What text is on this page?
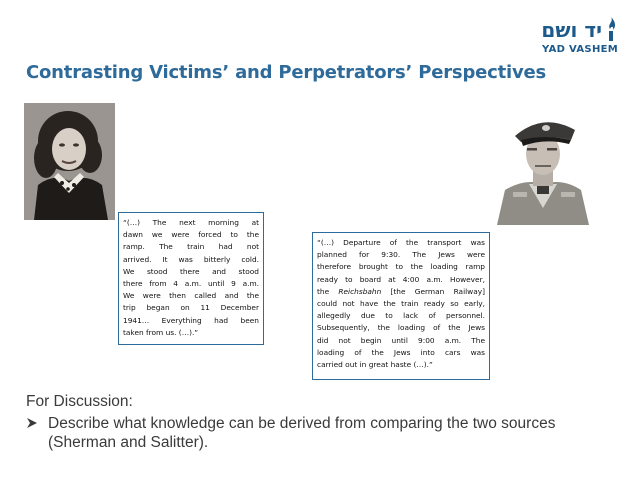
Contrasting Victims’ and Perpetrators’ Perspectives
יד ושם
YAD VASHEM
“(…) The next morning at
dawn we were forced to the
ramp. The train had not
arrived. It was bitterly cold.
We stood there and stood
there from 4 a.m. until 9 a.m.
We were then called and the
trip began on 11 December
1941… Everything had been
taken from us. (…).”
“(…) Departure of the transport was
planned for 9:30. The Jews were
therefore brought to the loading ramp
ready to board at 4:00 a.m. However,
the Reichsbahn [the German Railway]
could not have the train ready so early,
allegedly due to lack of personnel.
Subsequently, the loading of the Jews
did not begin until 9:00 a.m. The
loading of the Jews into cars was
carried out in great haste (…).”
For Discussion:
Describe what knowledge can be derived from comparing the two sources (Sherman and Salitter).
